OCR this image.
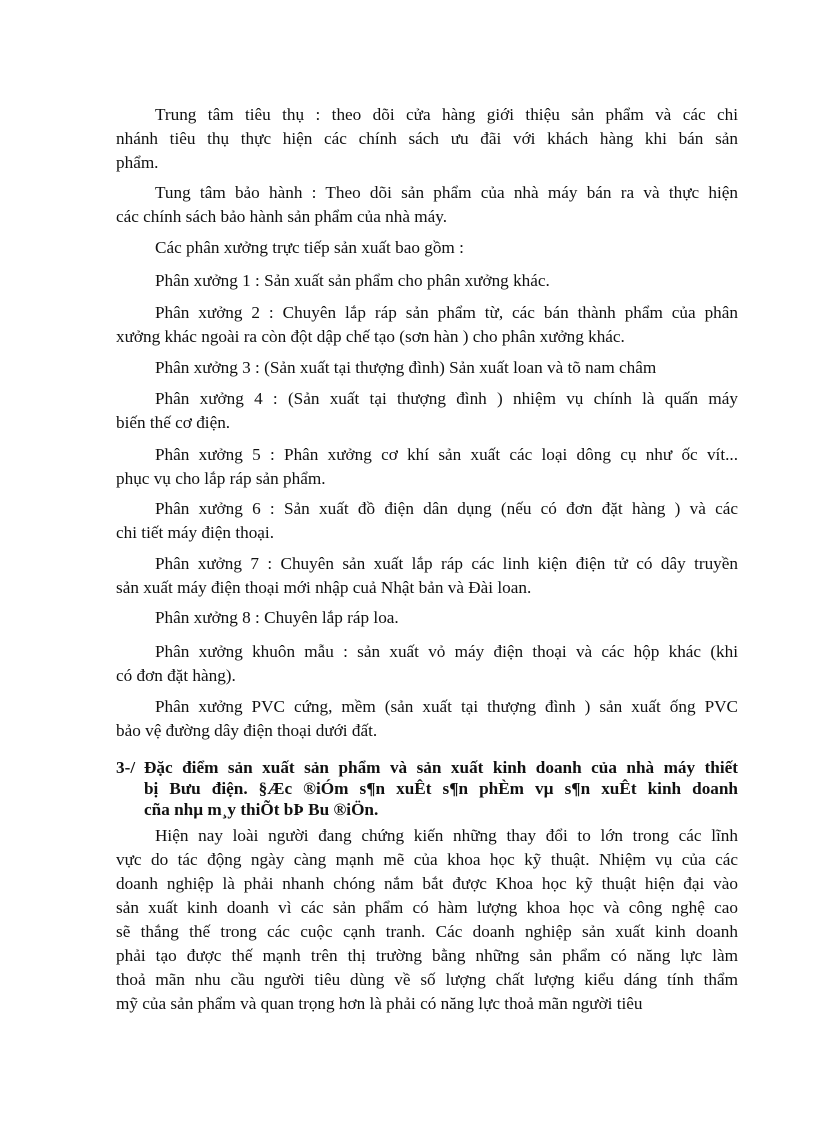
Trung tâm tiêu thụ : theo dõi cửa hàng giới thiệu sản phẩm và các chi
nhánh tiêu thụ thực hiện các chính sách ưu đãi với khách hàng khi bán sản
phẩm.

Tung tâm bảo hành : Theo dõi sản phẩm của nhà máy bán ra và thực hiện
các chính sách bảo hành sản phẩm của nhà máy.

Các phân xưởng trực tiếp sản xuất bao gồm :

Phân xưởng 1 : Sản xuất sản phẩm cho phân xưởng khác.

Phân xưởng 2 : Chuyên lắp ráp sản phẩm từ, các bán thành phẩm của phân
xưởng khác ngoài ra còn đột dập chế tạo (sơn hàn ) cho phân xưởng khác.

Phân xưởng 3 : (Sản xuất tại thượng đình) Sản xuất loan và tõ nam châm

Phân xưởng 4 : (Sản xuất tại thượng đình ) nhiệm vụ chính là quấn máy
biến thế cơ điện.

Phân xưởng 5 : Phân xưởng cơ khí sản xuất các loại dông cụ như ốc vít...
phục vụ cho lắp ráp sản phẩm.

Phân xưởng 6 : Sản xuất đồ điện dân dụng (nếu có đơn đặt hàng ) và các
chi tiết máy điện thoại.

Phân xưởng 7 : Chuyên sản xuất lắp ráp các linh kiện điện tử có dây truyền
sản xuất máy điện thoại mới nhập cuả Nhật bản và Đài loan.

Phân xưởng 8 : Chuyên lắp ráp loa.

Phân xưởng khuôn mẫu : sản xuất vỏ máy điện thoại và các hộp khác (khi
có đơn đặt hàng).

Phân xưởng PVC cứng, mềm (sản xuất tại thượng đình ) sản xuất ống PVC
bảo vệ đường dây điện thoại dưới đất.

3-/ Đặc điểm sản xuất sản phẩm và sản xuất kinh doanh của nhà máy thiết
bị Bưu điện. §Æc ®iÓm s¶n xuÊt s¶n phÈm vµ s¶n xuÊt kinh doanh
cña nhµ m¸y thiÕt bÞ Bu ®iÖn.

Hiện nay loài người đang chứng kiến những thay đổi to lớn trong các lĩnh
vực do tác động ngày càng mạnh mẽ của khoa học kỹ thuật. Nhiệm vụ của các
doanh nghiệp là phải nhanh chóng nắm bắt được Khoa học kỹ thuật hiện đại vào
sản xuất kinh doanh vì các sản phẩm có hàm lượng khoa học và công nghệ cao
sẽ thắng thế trong các cuộc cạnh tranh. Các doanh nghiệp sản xuất kinh doanh
phải tạo được thế mạnh trên thị trường bằng những sản phẩm có năng lực làm
thoả mãn nhu cầu người tiêu dùng về số lượng chất lượng kiểu dáng tính thẩm
mỹ của sản phẩm và quan trọng hơn là phải có năng lực thoả mãn người tiêu
